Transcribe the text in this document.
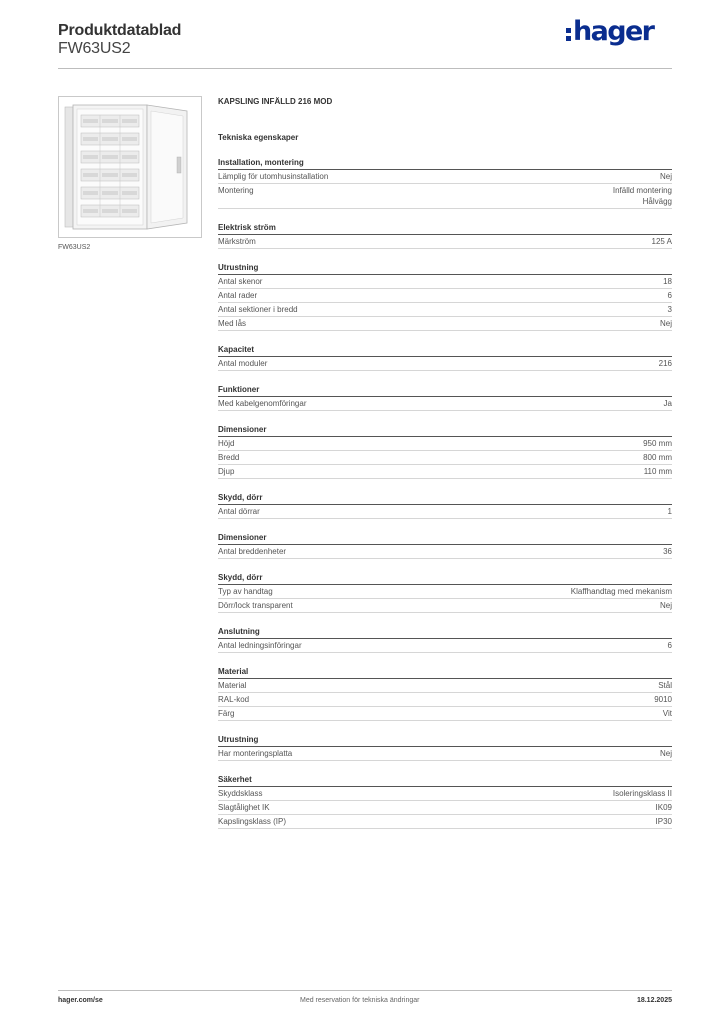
Produktdatablad
FW63US2
hager
FW63US2
KAPSLING INFÄLLD 216 MOD
Tekniska egenskaper
Installation, montering
Lämplig för utomhusinstallation	Nej
Montering	Infälld montering
Hålvägg
Elektrisk ström
Märkström	125 A
Utrustning
Antal skenor	18
Antal rader	6
Antal sektioner i bredd	3
Med lås	Nej
Kapacitet
Antal moduler	216
Funktioner
Med kabelgenomföringar	Ja
Dimensioner
Höjd	950 mm
Bredd	800 mm
Djup	110 mm
Skydd, dörr
Antal dörrar	1
Dimensioner
Antal breddenheter	36
Skydd, dörr
Typ av handtag	Klaffhandtag med mekanism
Dörr/lock transparent	Nej
Anslutning
Antal ledningsinföringar	6
Material
Material	Stål
RAL-kod	9010
Färg	Vit
Utrustning
Har monteringsplatta	Nej
Säkerhet
Skyddsklass	Isoleringsklass II
Slagtålighet IK	IK09
Kapslingsklass (IP)	IP30
hager.com/se	Med reservation för tekniska ändringar	18.12.2025
